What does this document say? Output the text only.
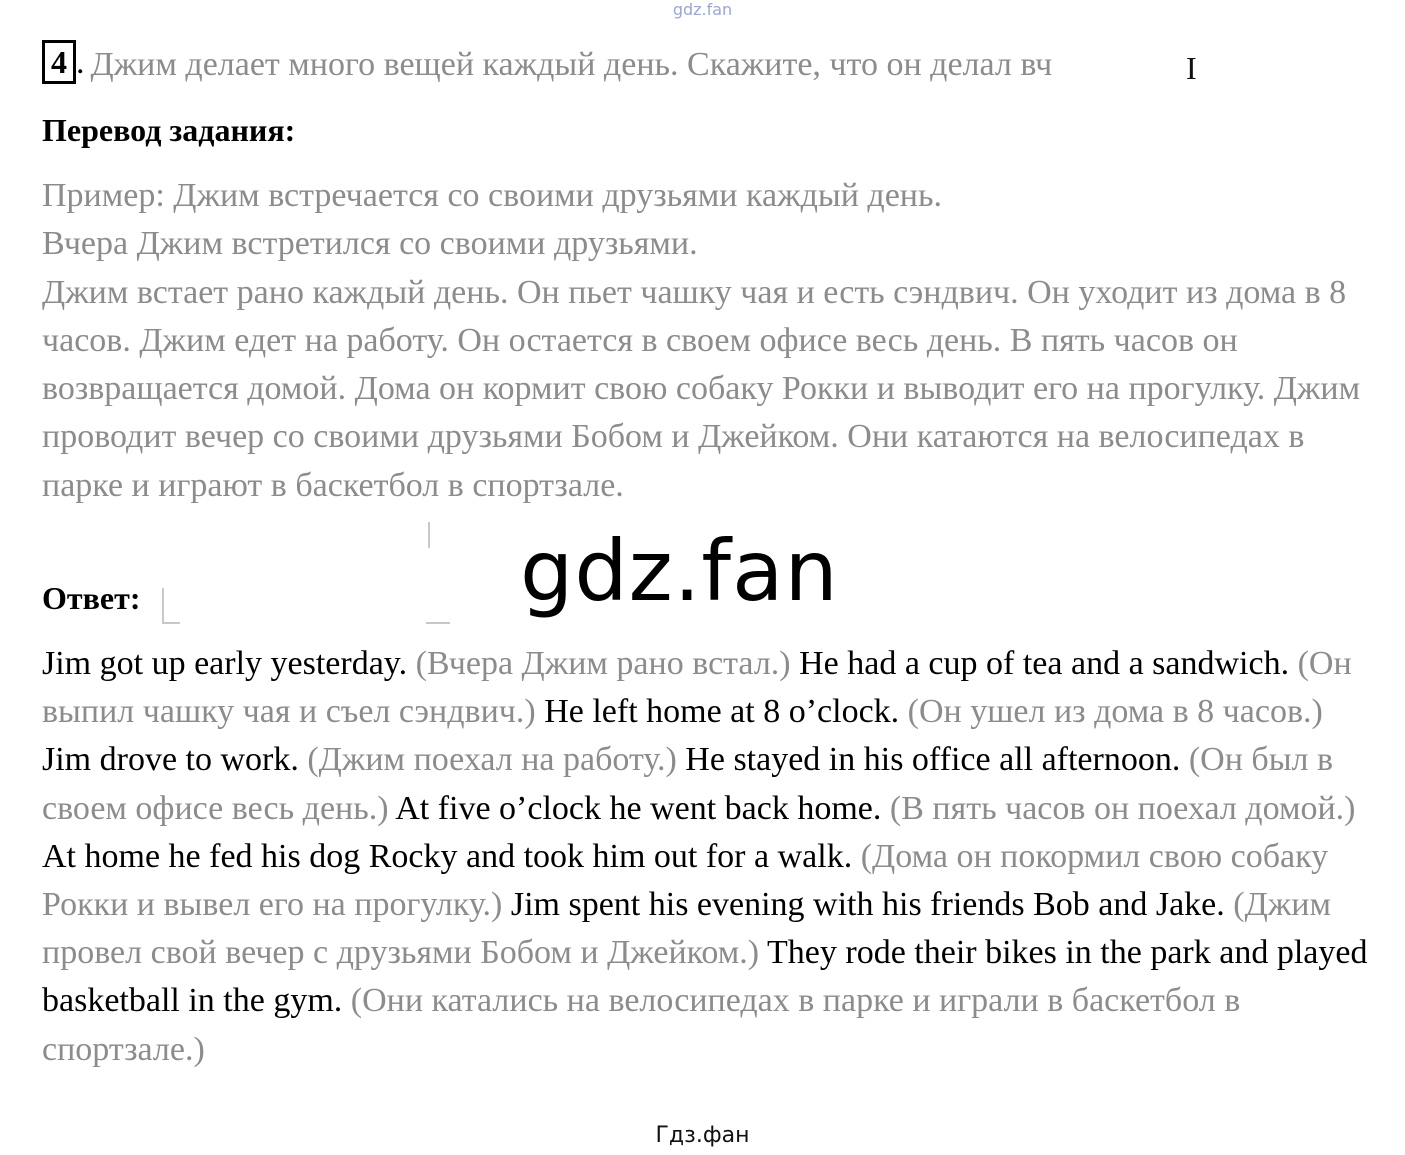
gdz.fan
4 . Джим делает много вещей каждый день. Скажите, что он делал вч	I
Перевод задания:

Пример: Джим встречается со своими друзьями каждый день.

Вчера Джим встретился со своими друзьями.

Джим встает рано каждый день. Он пьет чашку чая и есть сэндвич. Он уходит из дома в 8 часов. Джим едет на работу. Он остается в своем офисе весь день. В пять часов он возвращается домой. Дома он кормит свою собаку Рокки и выводит его на прогулку. Джим проводит вечер со своими друзьями Бобом и Джейком. Они катаются на велосипедах в парке и играют в баскетбол в спортзале.

Ответ:	gdz.fan

Jim got up early yesterday. (Вчера Джим рано встал.) He had a cup of tea and a sandwich. (Он выпил чашку чая и съел сэндвич.) He left home at 8 o’clock. (Он ушел из дома в 8 часов.) Jim drove to work. (Джим поехал на работу.) He stayed in his office all afternoon. (Он был в своем офисе весь день.) At five o’clock he went back home. (В пять часов он поехал домой.) At home he fed his dog Rocky and took him out for a walk. (Дома он покормил свою собаку Рокки и вывел его на прогулку.) Jim spent his evening with his friends Bob and Jake. (Джим провел свой вечер с друзьями Бобом и Джейком.) They rode their bikes in the park and played basketball in the gym. (Они катались на велосипедах в парке и играли в баскетбол в спортзале.)

Гдз.фан
